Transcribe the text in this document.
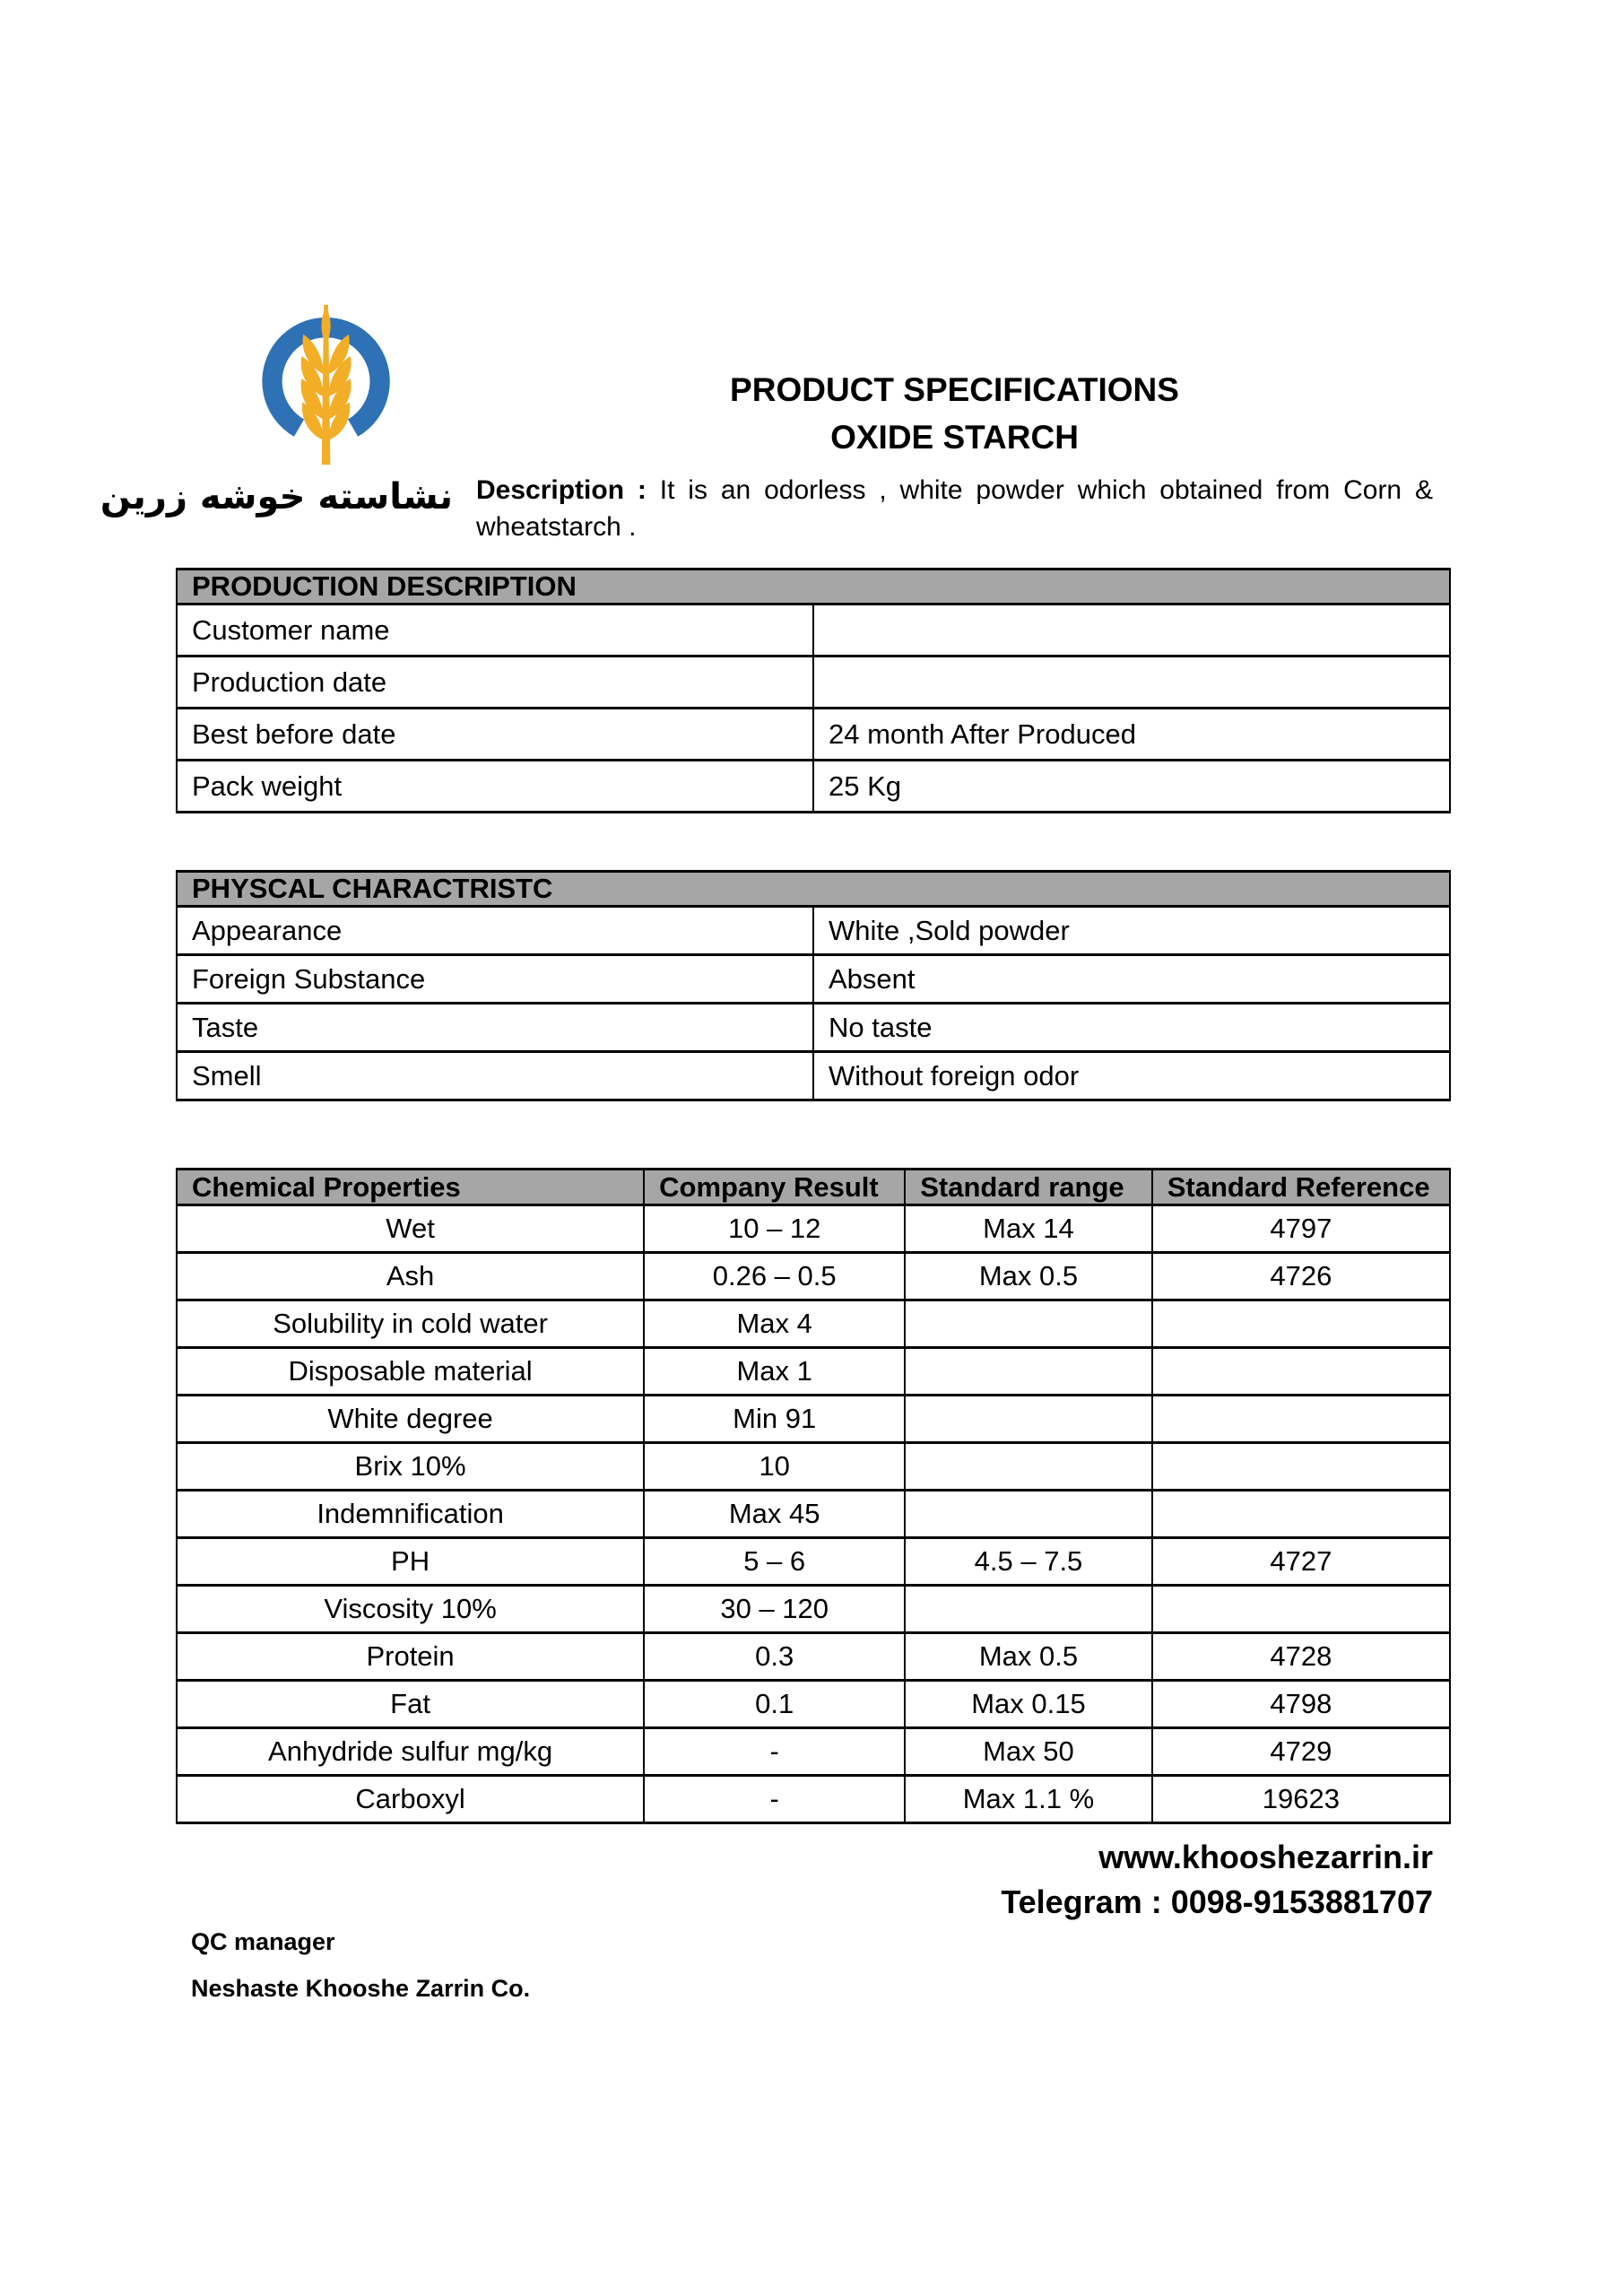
نشاسته خوشه زرین

PRODUCT SPECIFICATIONS

OXIDE STARCH

Description : It is an odorless , white powder which obtained from Corn & wheatstarch .

PRODUCTION DESCRIPTION	
Customer name	
Production date	
Best before date	24 month After Produced
Pack weight	25 Kg
PHYSCAL CHARACTRISTC	
Appearance	White ,Sold powder
Foreign Substance	Absent
Taste	No taste
Smell	Without foreign odor
Chemical Properties	Company Result	Standard range	Standard Reference
Wet	10 – 12	Max 14	4797
Ash	0.26 – 0.5	Max 0.5	4726
Solubility in cold water	Max 4		
Disposable material	Max 1		
White degree	Min 91		
Brix 10%	10		
Indemnification	Max 45		
PH	5 – 6	4.5 – 7.5	4727
Viscosity 10%	30 – 120		
Protein	0.3	Max 0.5	4728
Fat	0.1	Max 0.15	4798
Anhydride sulfur mg/kg	-	Max 50	4729
Carboxyl	-	Max 1.1 %	19623
www.khooshezarrin.ir
Telegram : 0098-9153881707
QC manager
Neshaste Khooshe Zarrin Co.
